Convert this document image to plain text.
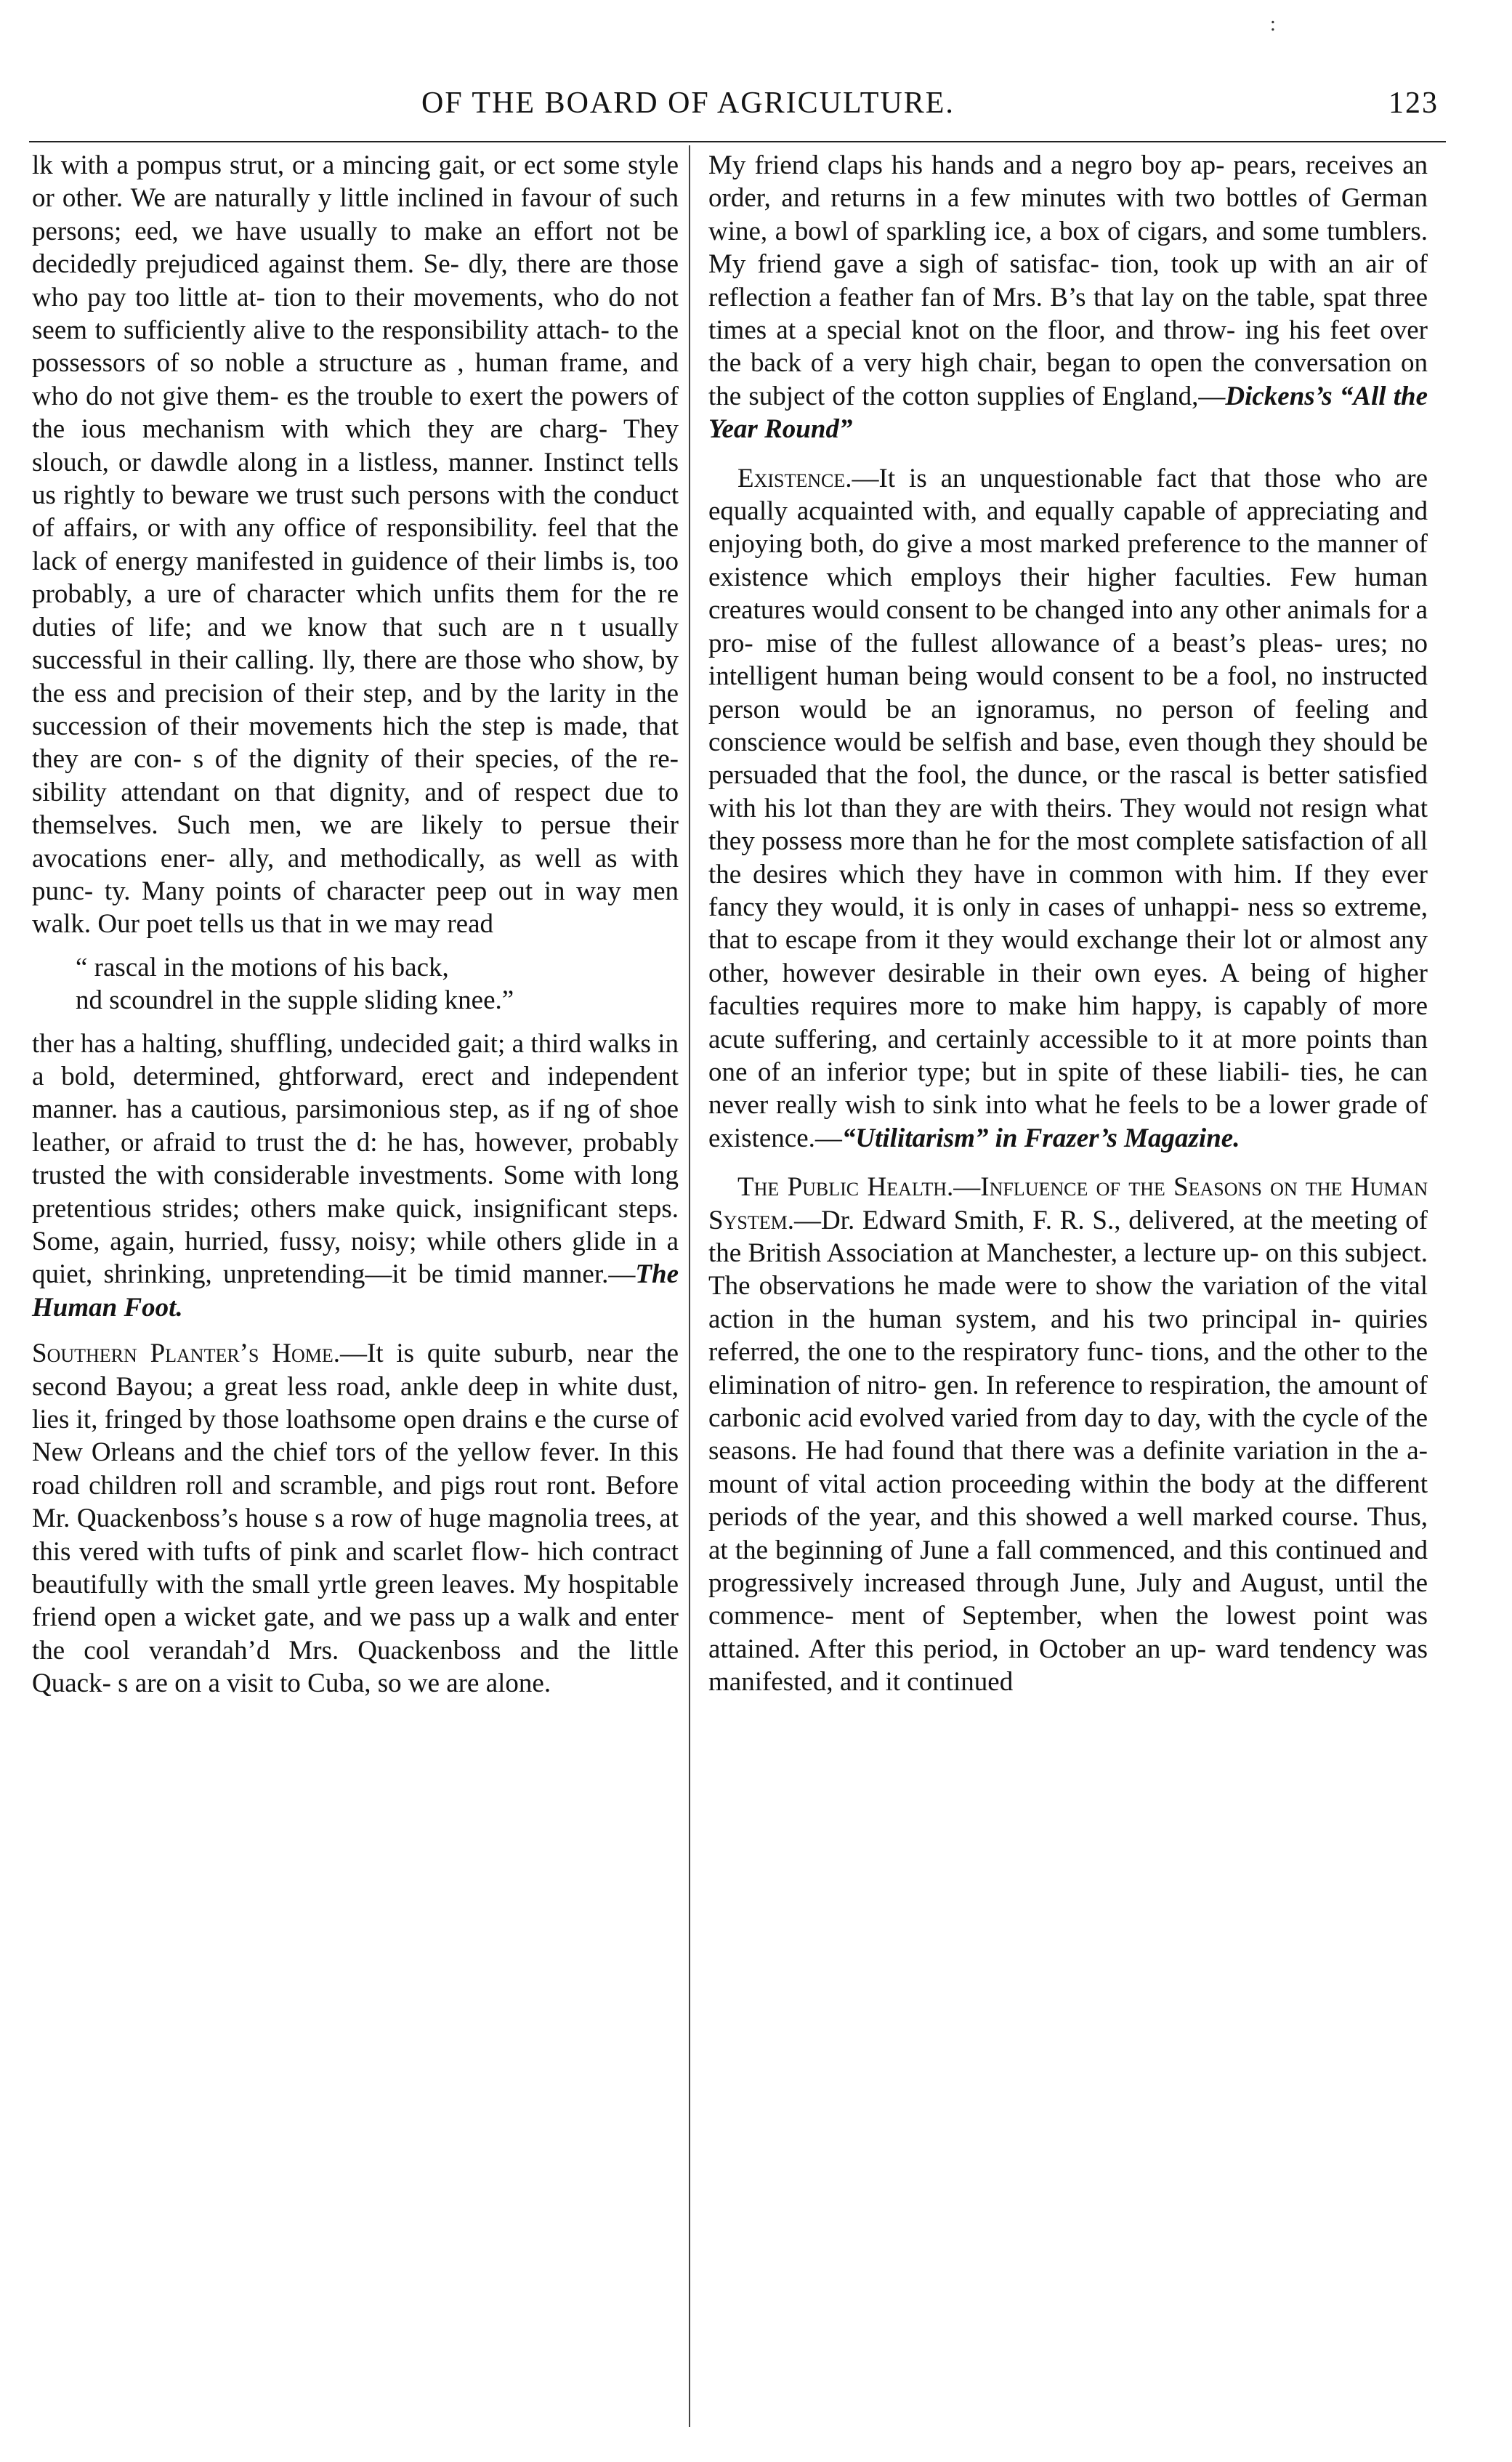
:
OF THE BOARD OF AGRICULTURE.	123

lk with a pompus strut, or a mincing gait, or ect some style or other. We are naturally y little inclined in favour of such persons; eed, we have usually to make an effort not be decidedly prejudiced against them. Se- dly, there are those who pay too little at- tion to their movements, who do not seem to sufficiently alive to the responsibility attach- to the possessors of so noble a structure as , human frame, and who do not give them- es the trouble to exert the powers of the ious mechanism with which they are charg- They slouch, or dawdle along in a listless, manner. Instinct tells us rightly to beware we trust such persons with the conduct of affairs, or with any office of responsibility. feel that the lack of energy manifested in guidence of their limbs is, too probably, a ure of character which unfits them for the re duties of life; and we know that such are n t usually successful in their calling. lly, there are those who show, by the ess and precision of their step, and by the larity in the succession of their movements hich the step is made, that they are con- s of the dignity of their species, of the re- sibility attendant on that dignity, and of respect due to themselves. Such men, we are likely to persue their avocations ener- ally, and methodically, as well as with punc- ty. Many points of character peep out in way men walk. Our poet tells us that in we may read

“ rascal in the motions of his back,
nd scoundrel in the supple sliding knee.”

ther has a halting, shuffling, undecided gait; a third walks in a bold, determined, ghtforward, erect and independent manner. has a cautious, parsimonious step, as if ng of shoe leather, or afraid to trust the d: he has, however, probably trusted the with considerable investments. Some with long pretentious strides; others make quick, insignificant steps. Some, again, hurried, fussy, noisy; while others glide in a quiet, shrinking, unpretending—it be timid manner.—The Human Foot.

Southern Planter’s Home.—It is quite suburb, near the second Bayou; a great less road, ankle deep in white dust, lies it, fringed by those loathsome open drains e the curse of New Orleans and the chief tors of the yellow fever. In this road children roll and scramble, and pigs rout ront. Before Mr. Quackenboss’s house s a row of huge magnolia trees, at this vered with tufts of pink and scarlet flow- hich contract beautifully with the small yrtle green leaves. My hospitable friend open a wicket gate, and we pass up a walk and enter the cool verandah’d Mrs. Quackenboss and the little Quack- s are on a visit to Cuba, so we are alone.

My friend claps his hands and a negro boy ap- pears, receives an order, and returns in a few minutes with two bottles of German wine, a bowl of sparkling ice, a box of cigars, and some tumblers. My friend gave a sigh of satisfac- tion, took up with an air of reflection a feather fan of Mrs. B’s that lay on the table, spat three times at a special knot on the floor, and throw- ing his feet over the back of a very high chair, began to open the conversation on the subject of the cotton supplies of England,—Dickens’s “All the Year Round”

Existence.—It is an unquestionable fact that those who are equally acquainted with, and equally capable of appreciating and enjoying both, do give a most marked preference to the manner of existence which employs their higher faculties. Few human creatures would consent to be changed into any other animals for a pro- mise of the fullest allowance of a beast’s pleas- ures; no intelligent human being would consent to be a fool, no instructed person would be an ignoramus, no person of feeling and conscience would be selfish and base, even though they should be persuaded that the fool, the dunce, or the rascal is better satisfied with his lot than they are with theirs. They would not resign what they possess more than he for the most complete satisfaction of all the desires which they have in common with him. If they ever fancy they would, it is only in cases of unhappi- ness so extreme, that to escape from it they would exchange their lot or almost any other, however desirable in their own eyes. A being of higher faculties requires more to make him happy, is capably of more acute suffering, and certainly accessible to it at more points than one of an inferior type; but in spite of these liabili- ties, he can never really wish to sink into what he feels to be a lower grade of existence.—“Utilitarism” in Frazer’s Magazine.

The Public Health.—Influence of the Seasons on the Human System.—Dr. Edward Smith, F. R. S., delivered, at the meeting of the British Association at Manchester, a lecture up- on this subject. The observations he made were to show the variation of the vital action in the human system, and his two principal in- quiries referred, the one to the respiratory func- tions, and the other to the elimination of nitro- gen. In reference to respiration, the amount of carbonic acid evolved varied from day to day, with the cycle of the seasons. He had found that there was a definite variation in the a- mount of vital action proceeding within the body at the different periods of the year, and this showed a well marked course. Thus, at the beginning of June a fall commenced, and this continued and progressively increased through June, July and August, until the commence- ment of September, when the lowest point was attained. After this period, in October an up- ward tendency was manifested, and it continued
